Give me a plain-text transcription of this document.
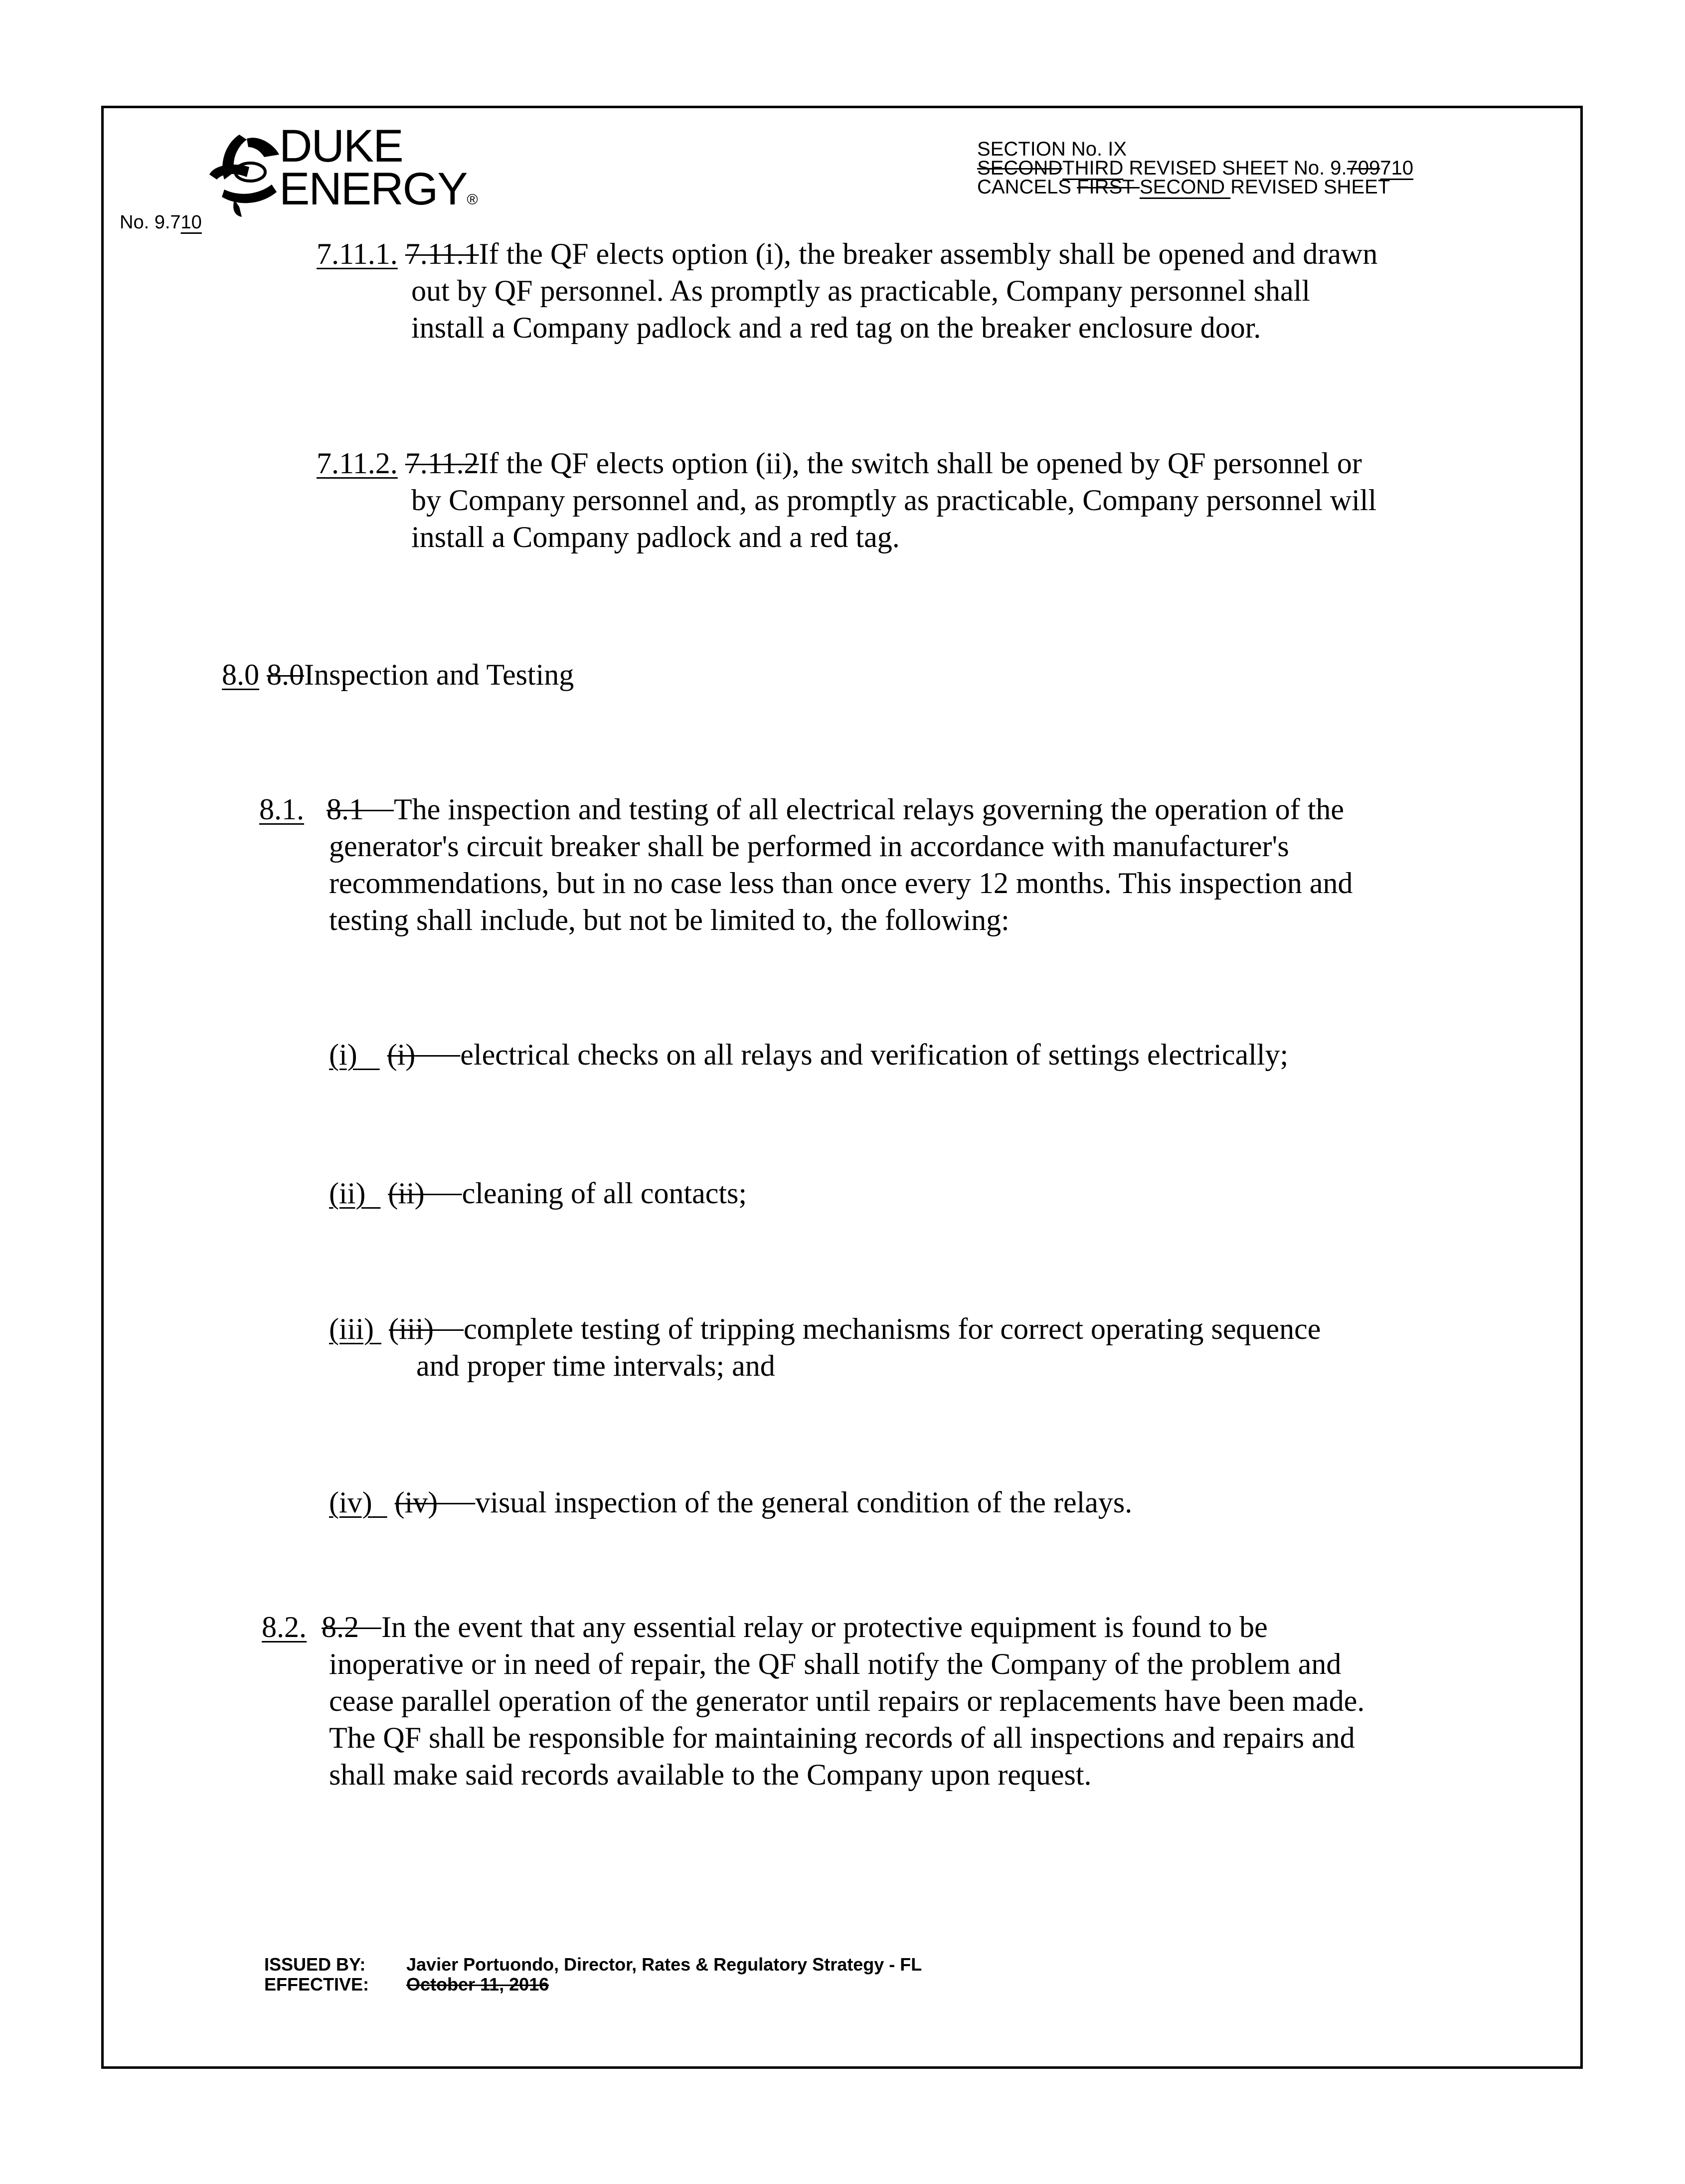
DUKE
ENERGY®
No. 9.710
SECTION No. IX
SECONDTHIRD REVISED SHEET No. 9.709710
CANCELS FIRST SECOND REVISED SHEET
7.11.1. 7.11.1If the QF elects option (i), the breaker assembly shall be opened and drawn
out by QF personnel. As promptly as practicable, Company personnel shall
install a Company padlock and a red tag on the breaker enclosure door.
7.11.2. 7.11.2If the QF elects option (ii), the switch shall be opened by QF personnel or
by Company personnel and, as promptly as practicable, Company personnel will
install a Company padlock and a red tag.
8.0 8.0Inspection and Testing
8.1. 8.1 The inspection and testing of all electrical relays governing the operation of the
generator's circuit breaker shall be performed in accordance with manufacturer's
recommendations, but in no case less than once every 12 months. This inspection and
testing shall include, but not be limited to, the following:
(i) (i) electrical checks on all relays and verification of settings electrically;
(ii) (ii) cleaning of all contacts;
(iii) (iii) complete testing of tripping mechanisms for correct operating sequence
and proper time intervals; and
(iv) (iv) visual inspection of the general condition of the relays.
8.2. 8.2 In the event that any essential relay or protective equipment is found to be
inoperative or in need of repair, the QF shall notify the Company of the problem and
cease parallel operation of the generator until repairs or replacements have been made.
The QF shall be responsible for maintaining records of all inspections and repairs and
shall make said records available to the Company upon request.
ISSUED BY: Javier Portuondo, Director, Rates & Regulatory Strategy - FL
EFFECTIVE: October 11, 2016
